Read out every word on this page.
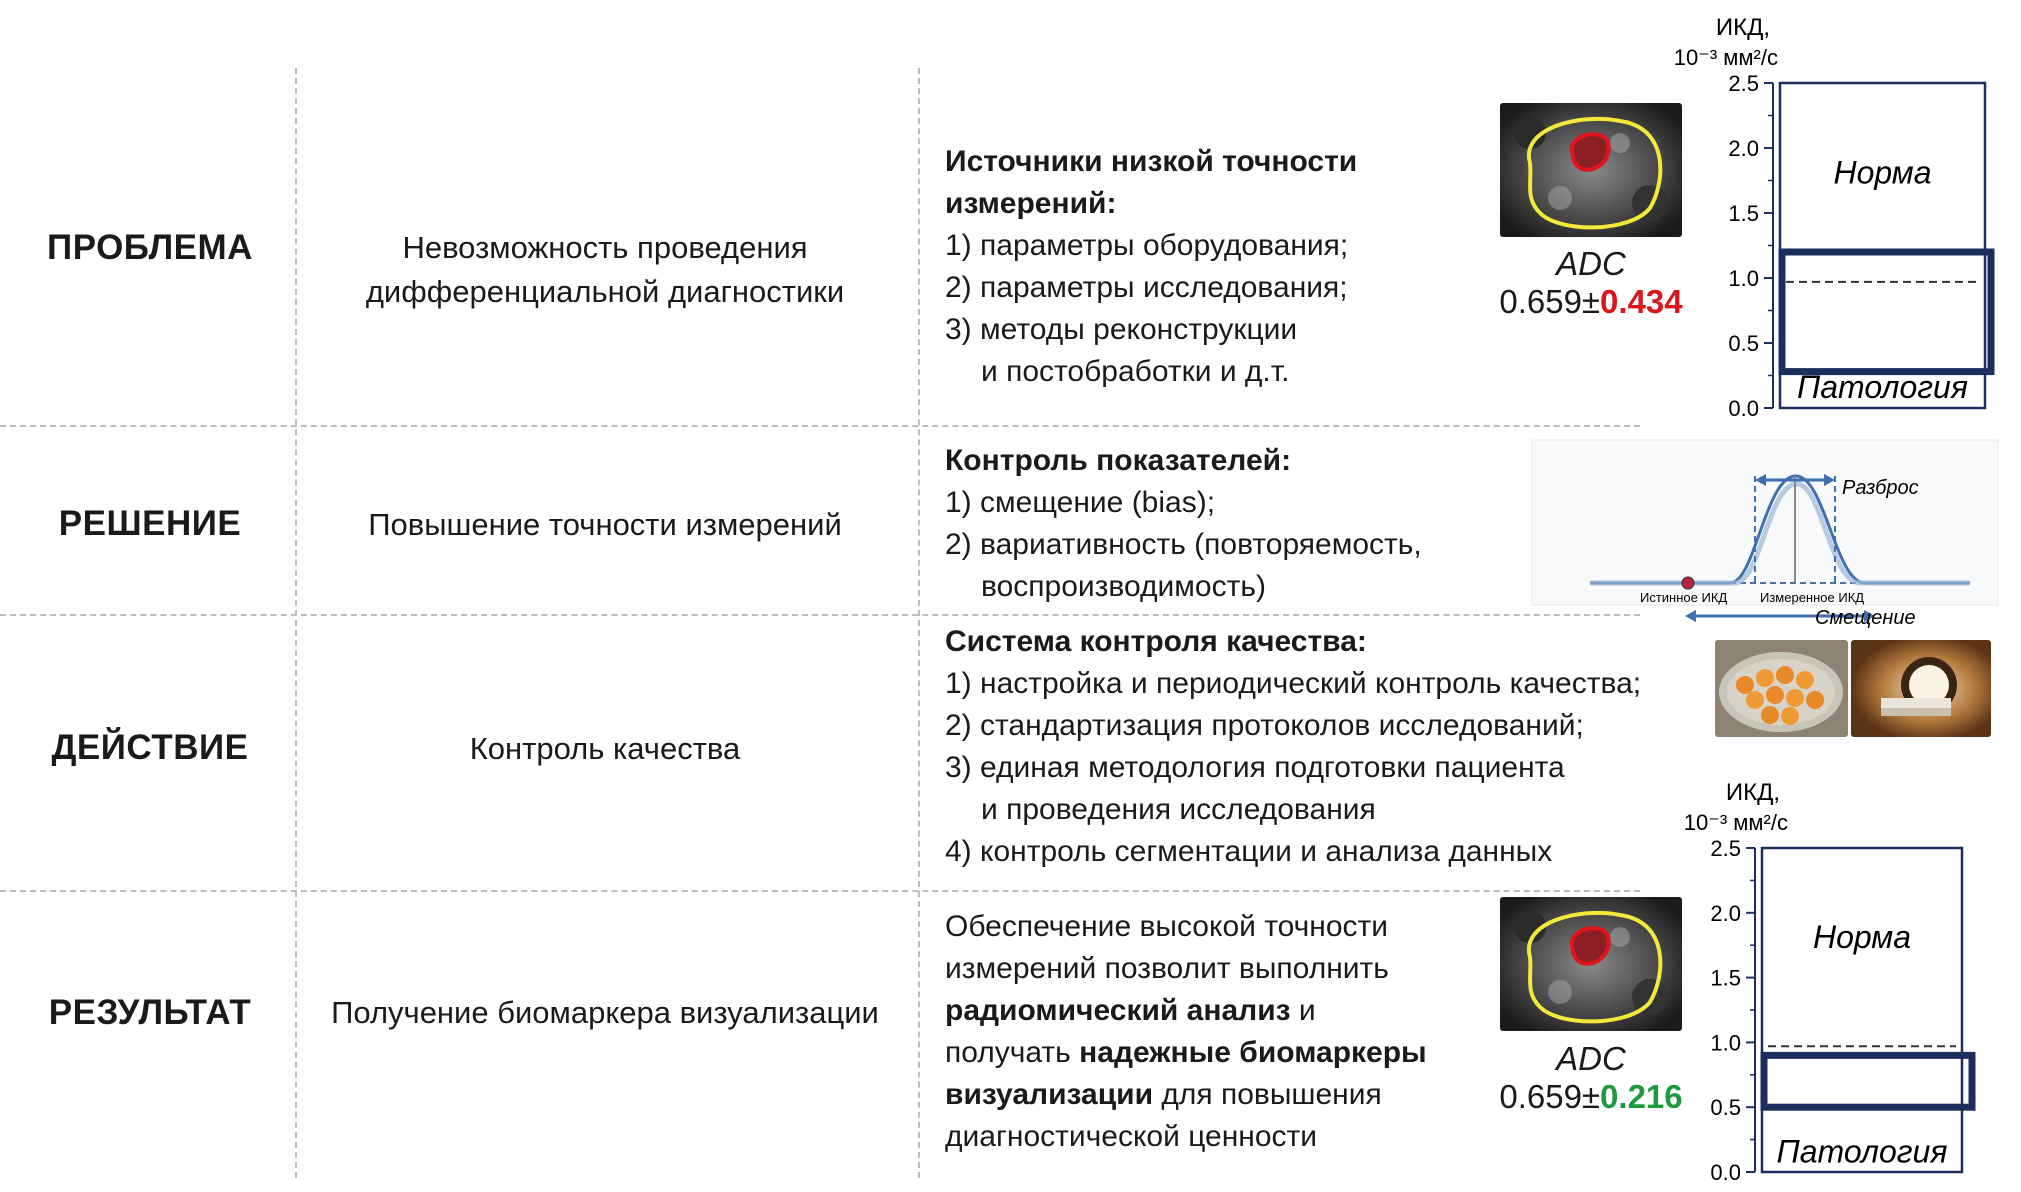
ПРОБЛЕМА
РЕШЕНИЕ
ДЕЙСТВИЕ
РЕЗУЛЬТАТ
Невозможность проведения
дифференциальной диагностики
Повышение точности измерений
Контроль качества
Получение биомаркера визуализации
Источники низкой точности
измерений:
1) параметры оборудования;
2) параметры исследования;
3) методы реконструкции
и постобработки и д.т.
Контроль показателей:
1) смещение (bias);
2) вариативность (повторяемость,
воспроизводимость)
Система контроля качества:
1) настройка и периодический контроль качества;
2) стандартизация протоколов исследований;
3) единая методология подготовки пациента
и проведения исследования
4) контроль сегментации и анализа данных
Обеспечение высокой точности
измерений позволит выполнить
радиомический анализ и
получать надежные биомаркеры
визуализации для повышения
диагностической ценности
ADC
0.659±0.434
ADC
0.659±0.216
Разброс
Истинное ИКД	Измеренное ИКД
Смещение
ИКД,
10⁻³ мм²/с
0.0
0.5
1.0
1.5
2.0
2.5
Норма
Патология
ИКД,
10⁻³ мм²/с
0.0
0.5
1.0
1.5
2.0
2.5
Норма
Патология
